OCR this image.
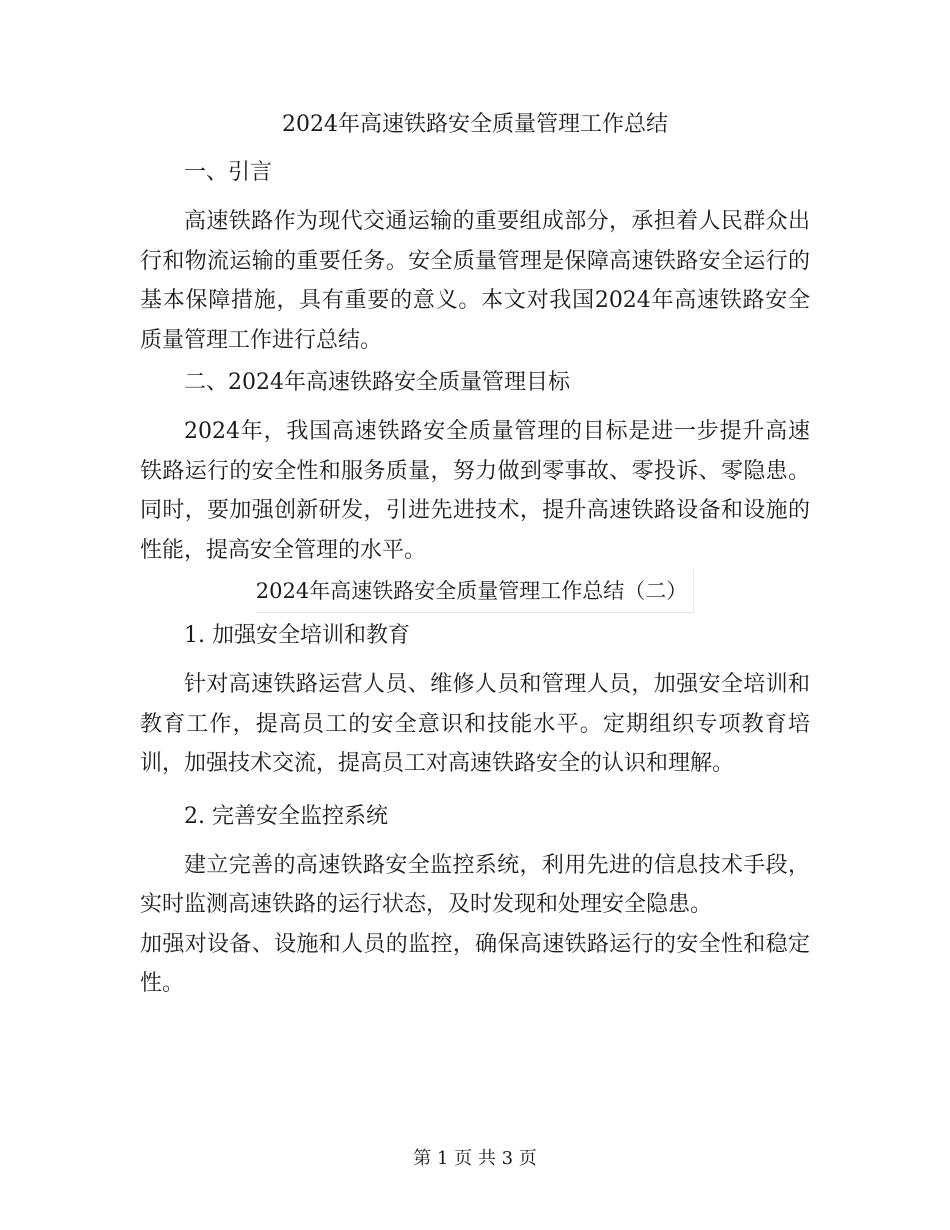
2024年高速铁路安全质量管理工作总结
一、引言

高速铁路作为现代交通运输的重要组成部分，承担着人民群众出行和物流运输的重要任务。安全质量管理是保障高速铁路安全运行的基本保障措施，具有重要的意义。本文对我国2024年高速铁路安全质量管理工作进行总结。

二、2024年高速铁路安全质量管理目标

2024年，我国高速铁路安全质量管理的目标是进一步提升高速铁路运行的安全性和服务质量，努力做到零事故、零投诉、零隐患。同时，要加强创新研发，引进先进技术，提升高速铁路设备和设施的性能，提高安全管理的水平。

2024年高速铁路安全质量管理工作总结（二）
1. 加强安全培训和教育

针对高速铁路运营人员、维修人员和管理人员，加强安全培训和教育工作，提高员工的安全意识和技能水平。定期组织专项教育培训，加强技术交流，提高员工对高速铁路安全的认识和理解。

2. 完善安全监控系统

建立完善的高速铁路安全监控系统，利用先进的信息技术手段，实时监测高速铁路的运行状态，及时发现和处理安全隐患。

加强对设备、设施和人员的监控，确保高速铁路运行的安全性和稳定性。

第 1 页 共 3 页
